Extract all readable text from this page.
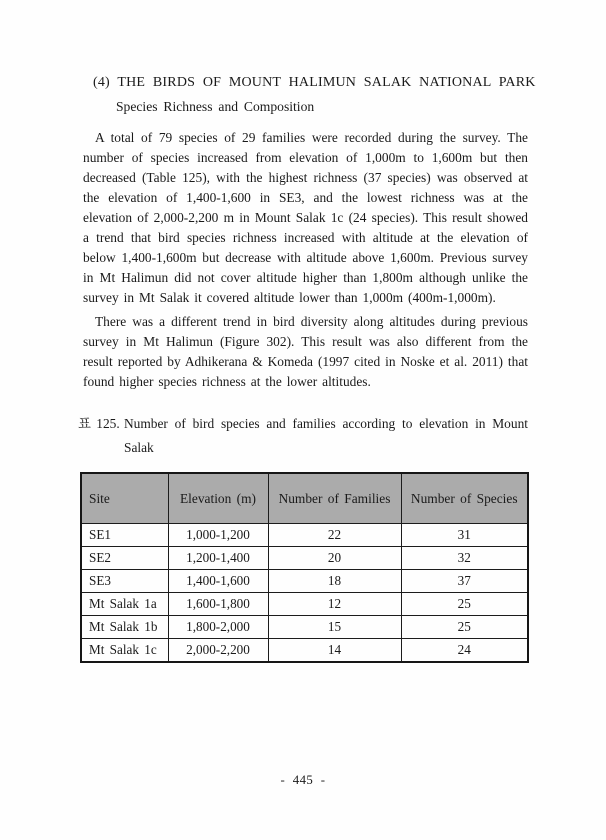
(4) THE BIRDS OF MOUNT HALIMUN SALAK NATIONAL PARK
Species Richness and Composition

A total of 79 species of 29 families were recorded during the survey. The number of species increased from elevation of 1,000m to 1,600m but then decreased (Table 125), with the highest richness (37 species) was observed at the elevation of 1,400-1,600 in SE3, and the lowest richness was at the elevation of 2,000-2,200 m in Mount Salak 1c (24 species). This result showed a trend that bird species richness increased with altitude at the elevation of below 1,400-1,600m but decrease with altitude above 1,600m. Previous survey in Mt Halimun did not cover altitude higher than 1,800m although unlike the survey in Mt Salak it covered altitude lower than 1,000m (400m-1,000m).

There was a different trend in bird diversity along altitudes during previous survey in Mt Halimun (Figure 302). This result was also different from the result reported by Adhikerana & Komeda (1997 cited in Noske et al. 2011) that found higher species richness at the lower altitudes.

표 125. Number of bird species and families according to elevation in Mount Salak
Site	Elevation (m)	Number of Families	Number of Species
SE1	1,000-1,200	22	31
SE2	1,200-1,400	20	32
SE3	1,400-1,600	18	37
Mt Salak 1a	1,600-1,800	12	25
Mt Salak 1b	1,800-2,000	15	25
Mt Salak 1c	2,000-2,200	14	24
- 445 -
